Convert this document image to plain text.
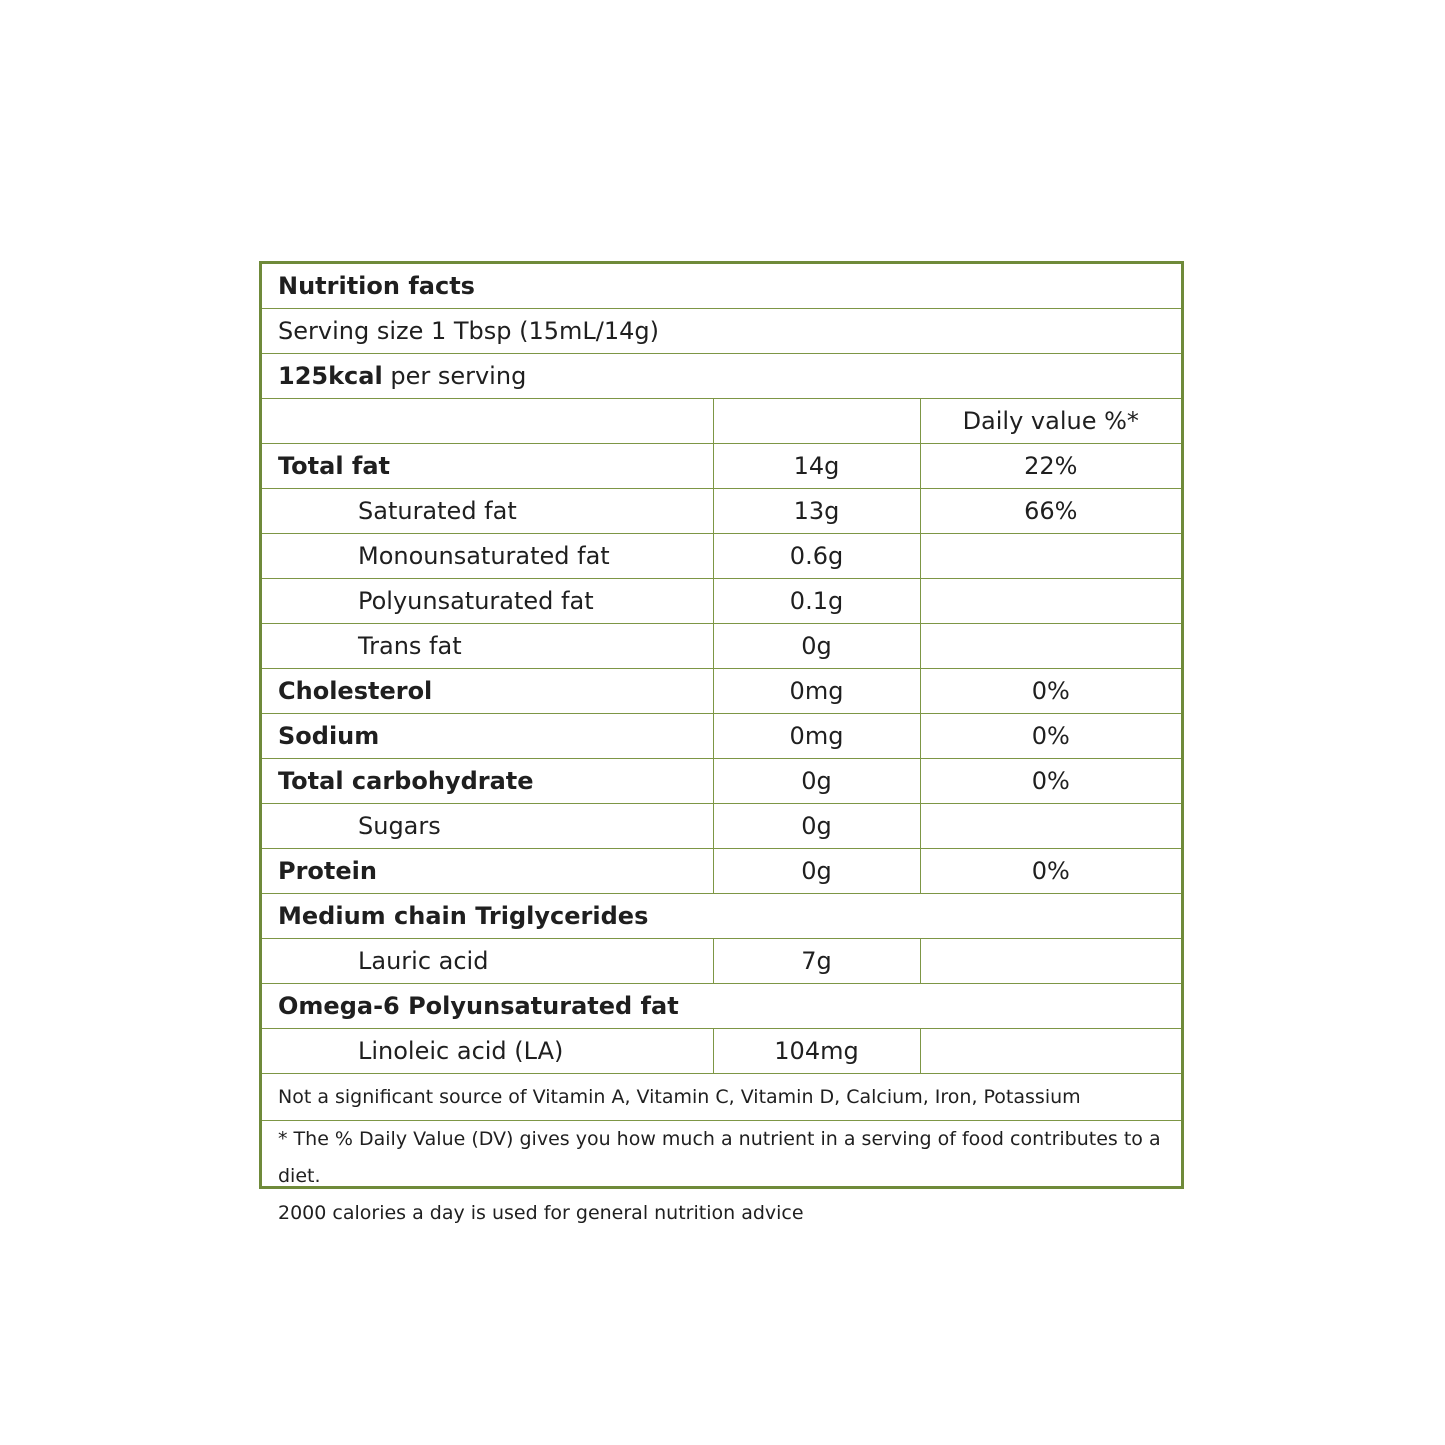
Nutrition facts		
Serving size 1 Tbsp (15mL/14g)		
125kcal per serving		
		Daily value %*
Total fat	14g	22%
Saturated fat	13g	66%
Monounsaturated fat	0.6g	
Polyunsaturated fat	0.1g	
Trans fat	0g	
Cholesterol	0mg	0%
Sodium	0mg	0%
Total carbohydrate	0g	0%
Sugars	0g	
Protein	0g	0%
Medium chain Triglycerides		
Lauric acid	7g	
Omega-6 Polyunsaturated fat		
Linoleic acid (LA)	104mg	
Not a significant source of Vitamin A, Vitamin C, Vitamin D, Calcium, Iron, Potassium		
* The % Daily Value (DV) gives you how much a nutrient in a serving of food contributes to a diet.
2000 calories a day is used for general nutrition advice		
